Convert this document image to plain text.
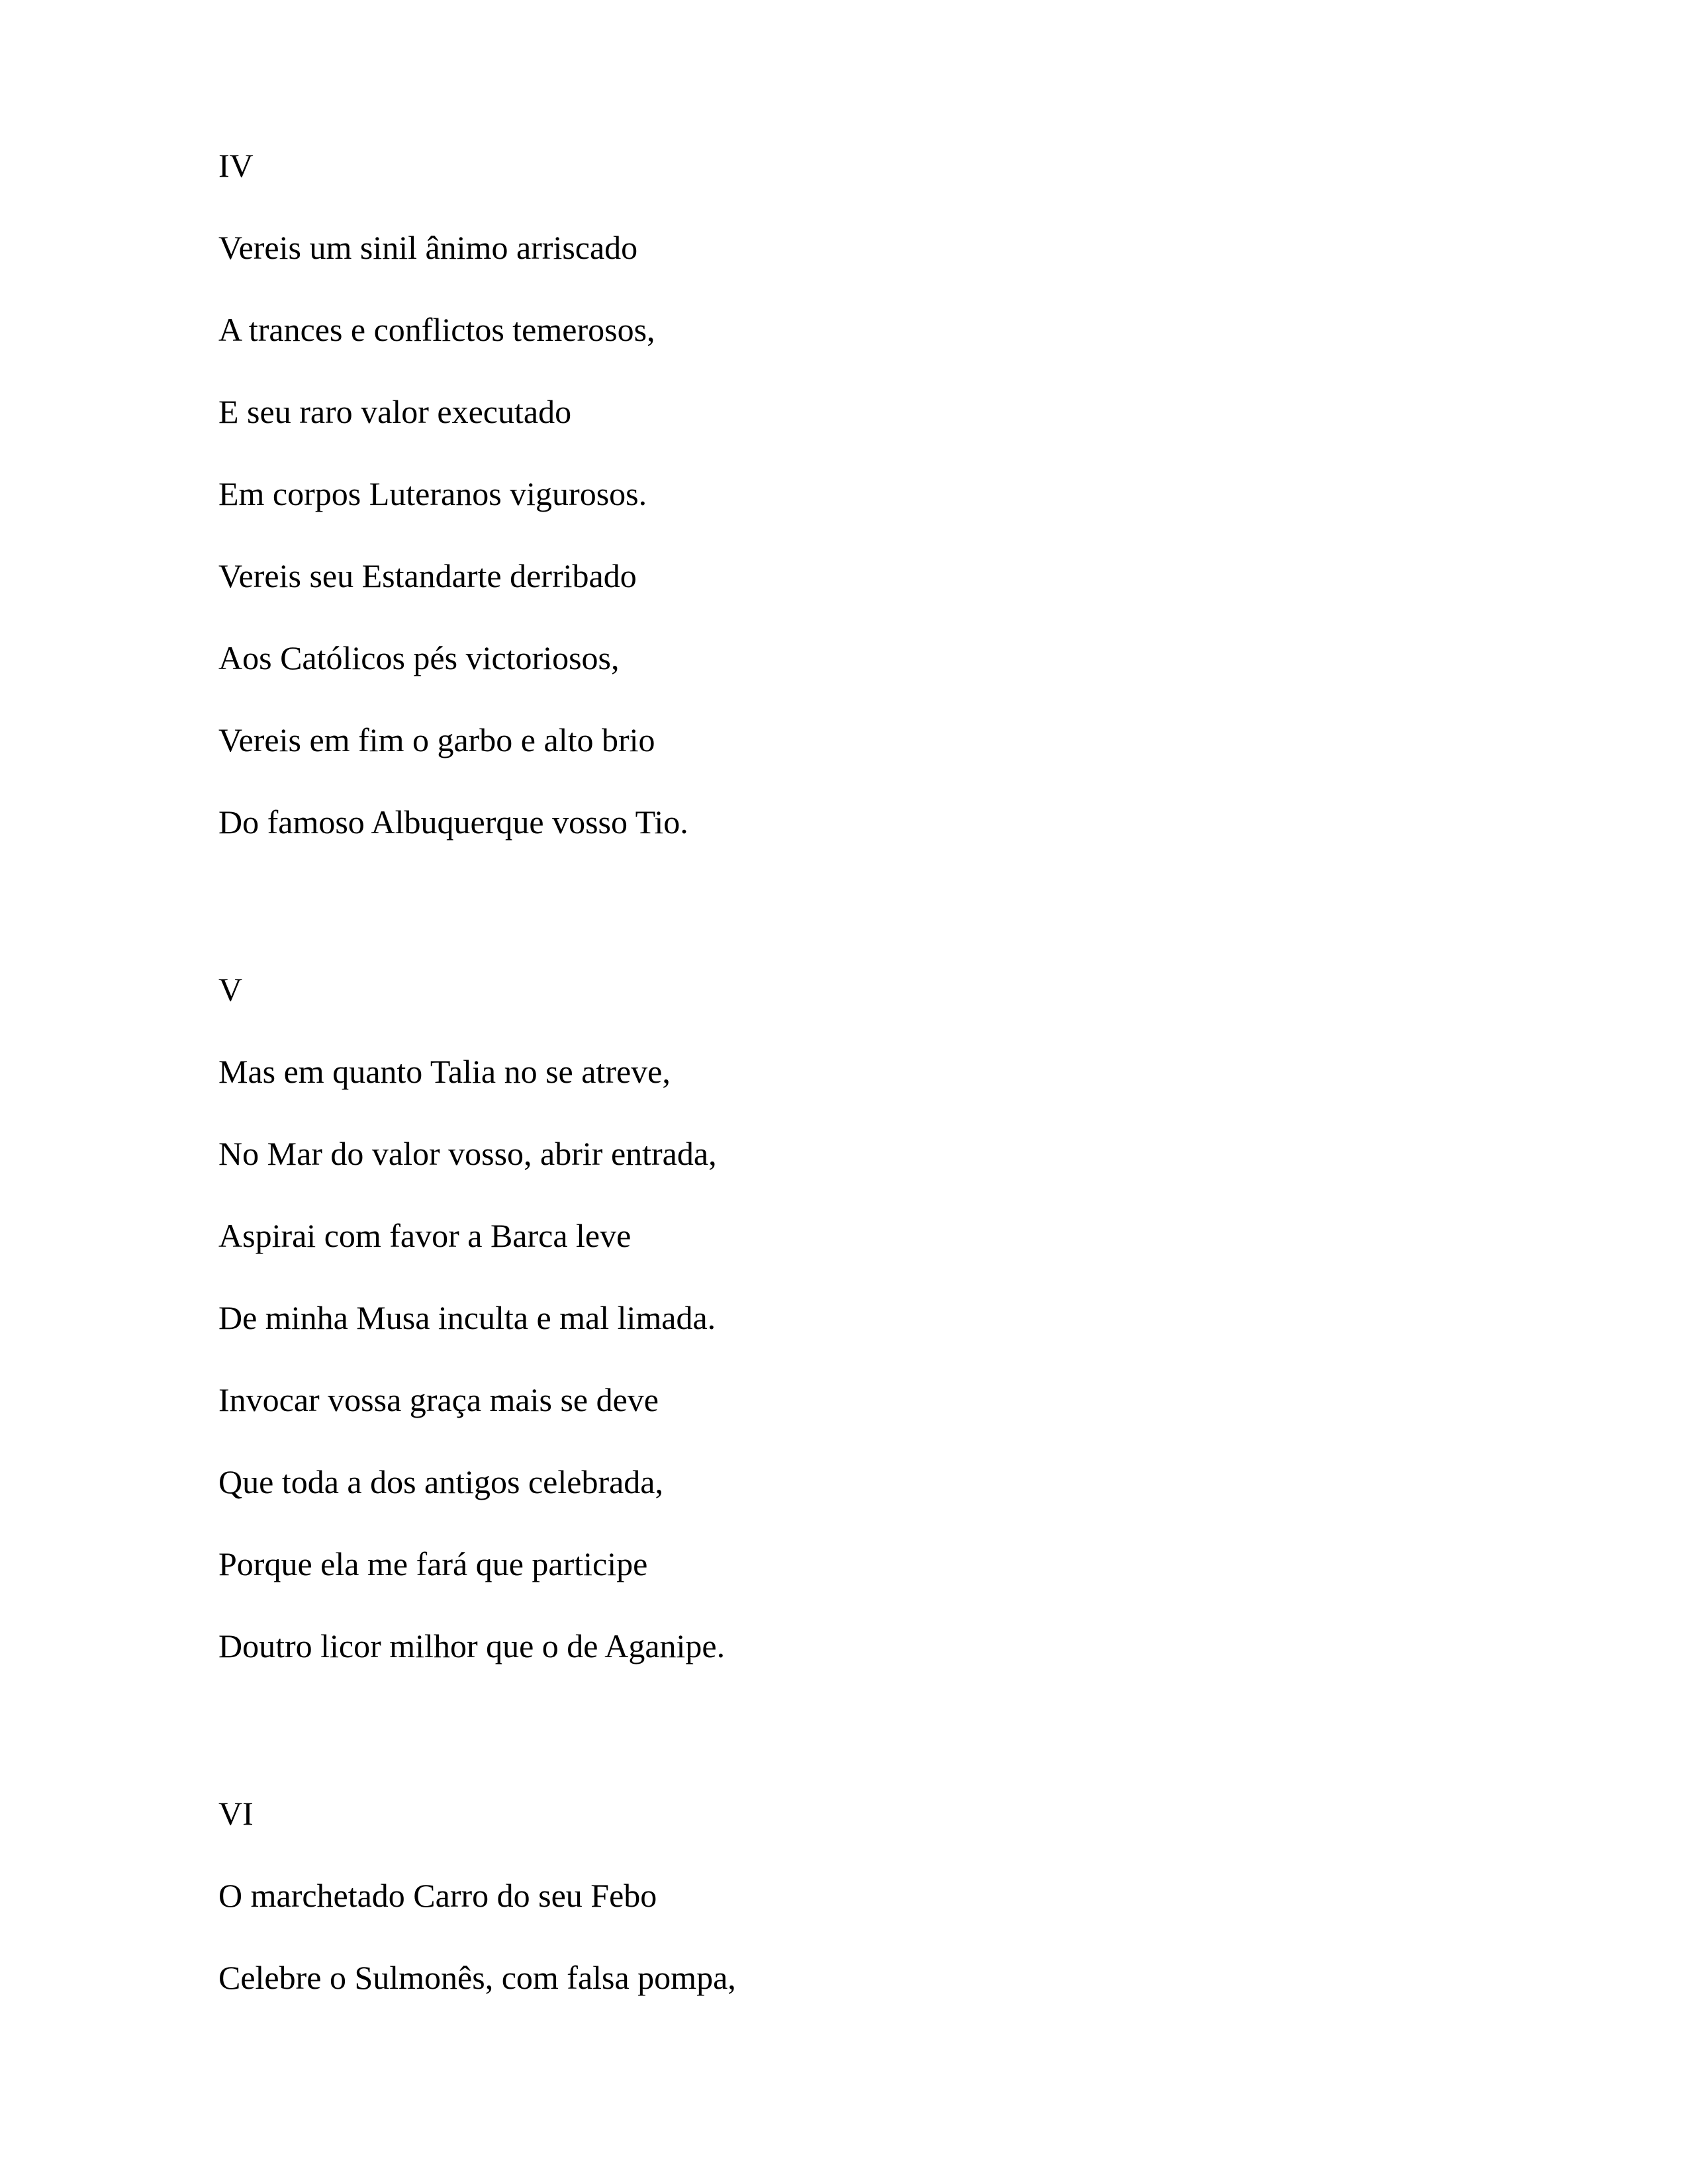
IV
Vereis um sinil ânimo arriscado
A trances e conflictos temerosos,
E seu raro valor executado
Em corpos Luteranos vigurosos.
Vereis seu Estandarte derribado
Aos Católicos pés victoriosos,
Vereis em fim o garbo e alto brio
Do famoso Albuquerque vosso Tio.
V
Mas em quanto Talia no se atreve,
No Mar do valor vosso, abrir entrada,
Aspirai com favor a Barca leve
De minha Musa inculta e mal limada.
Invocar vossa graça mais se deve
Que toda a dos antigos celebrada,
Porque ela me fará que participe
Doutro licor milhor que o de Aganipe.
VI
O marchetado Carro do seu Febo
Celebre o Sulmonês, com falsa pompa,
